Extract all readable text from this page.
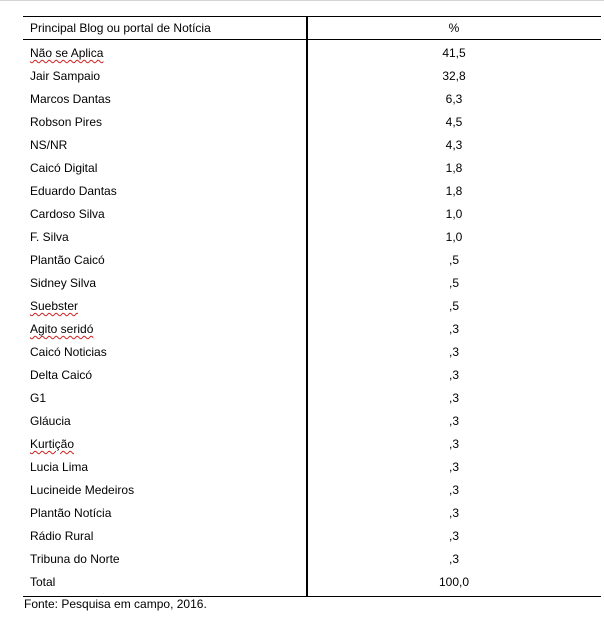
Principal Blog ou portal de Notícia	%
Não se Aplica	41,5
Jair Sampaio	32,8
Marcos Dantas	6,3
Robson Pires	4,5
NS/NR	4,3
Caicó Digital	1,8
Eduardo Dantas	1,8
Cardoso Silva	1,0
F. Silva	1,0
Plantão Caicó	,5
Sidney Silva	,5
Suebster	,5
Agito seridó	,3
Caicó Noticias	,3
Delta Caicó	,3
G1	,3
Gláucia	,3
Kurtição	,3
Lucia Lima	,3
Lucineide Medeiros	,3
Plantão Notícia	,3
Rádio Rural	,3
Tribuna do Norte	,3
Total	100,0
Fonte: Pesquisa em campo, 2016.
